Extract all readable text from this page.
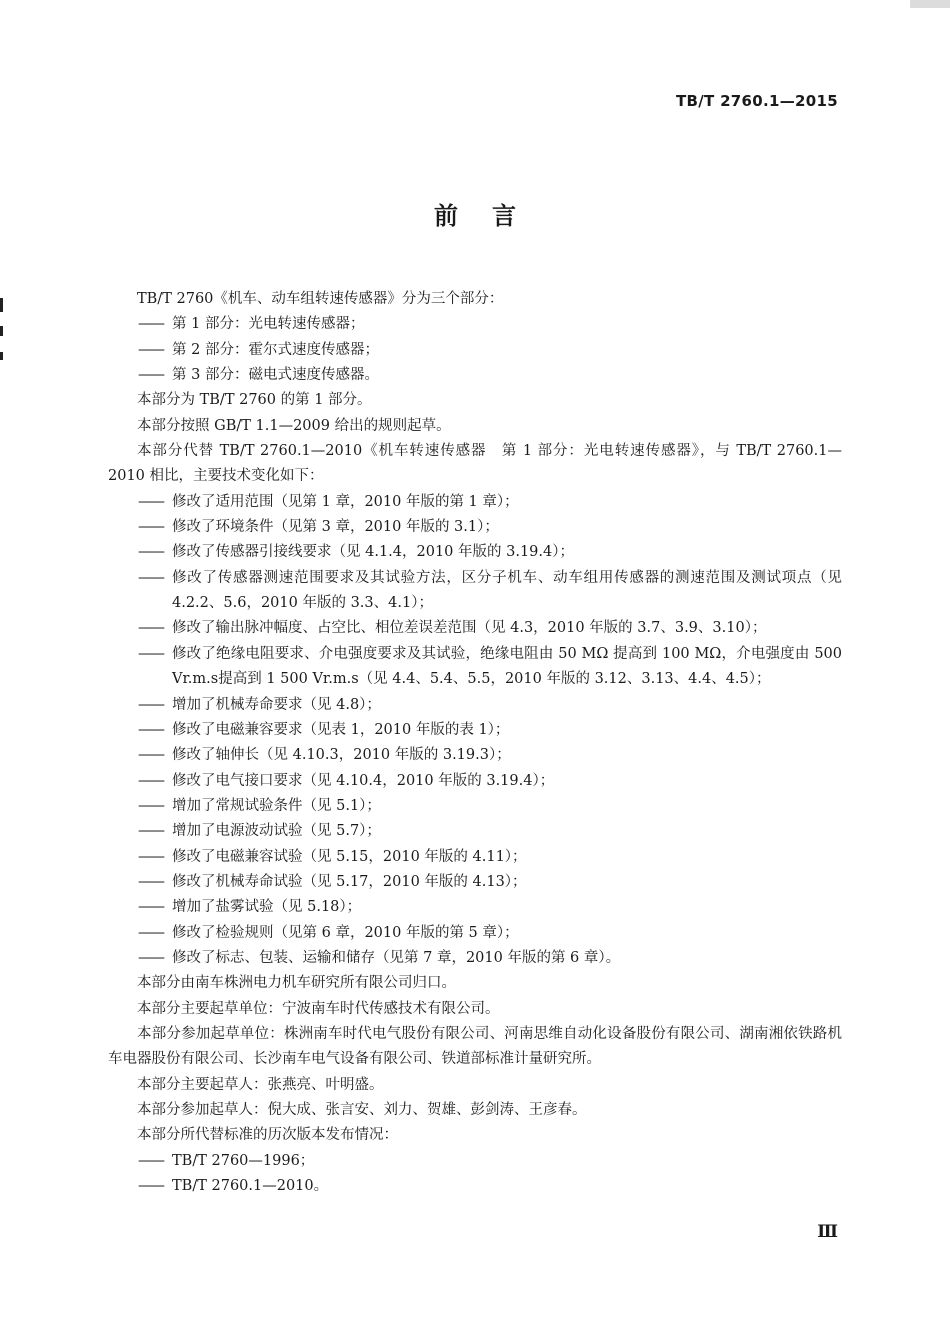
TB/T 2760.1—2015
前言
TB/T 2760《机车、动车组转速传感器》分为三个部分：
—— 第 1 部分：光电转速传感器；
—— 第 2 部分：霍尔式速度传感器；
—— 第 3 部分：磁电式速度传感器。
本部分为 TB/T 2760 的第 1 部分。
本部分按照 GB/T 1.1—2009 给出的规则起草。
本部分代替 TB/T 2760.1—2010《机车转速传感器　第 1 部分：光电转速传感器》，与 TB/T 2760.1—2010 相比，主要技术变化如下：
—— 修改了适用范围（见第 1 章，2010 年版的第 1 章）；
—— 修改了环境条件（见第 3 章，2010 年版的 3.1）；
—— 修改了传感器引接线要求（见 4.1.4，2010 年版的 3.19.4）；
—— 修改了传感器测速范围要求及其试验方法，区分子机车、动车组用传感器的测速范围及测试项点（见 4.2.2、5.6，2010 年版的 3.3、4.1）；
—— 修改了输出脉冲幅度、占空比、相位差误差范围（见 4.3，2010 年版的 3.7、3.9、3.10）；
—— 修改了绝缘电阻要求、介电强度要求及其试验，绝缘电阻由 50 MΩ 提高到 100 MΩ，介电强度由 500 Vr.m.s提高到 1 500 Vr.m.s（见 4.4、5.4、5.5，2010 年版的 3.12、3.13、4.4、4.5）；
—— 增加了机械寿命要求（见 4.8）；
—— 修改了电磁兼容要求（见表 1，2010 年版的表 1）；
—— 修改了轴伸长（见 4.10.3，2010 年版的 3.19.3）；
—— 修改了电气接口要求（见 4.10.4，2010 年版的 3.19.4）；
—— 增加了常规试验条件（见 5.1）；
—— 增加了电源波动试验（见 5.7）；
—— 修改了电磁兼容试验（见 5.15，2010 年版的 4.11）；
—— 修改了机械寿命试验（见 5.17，2010 年版的 4.13）；
—— 增加了盐雾试验（见 5.18）；
—— 修改了检验规则（见第 6 章，2010 年版的第 5 章）；
—— 修改了标志、包装、运输和储存（见第 7 章，2010 年版的第 6 章）。
本部分由南车株洲电力机车研究所有限公司归口。
本部分主要起草单位：宁波南车时代传感技术有限公司。
本部分参加起草单位：株洲南车时代电气股份有限公司、河南思维自动化设备股份有限公司、湖南湘依铁路机车电器股份有限公司、长沙南车电气设备有限公司、铁道部标准计量研究所。
本部分主要起草人：张燕亮、叶明盛。
本部分参加起草人：倪大成、张言安、刘力、贺雄、彭剑涛、王彦春。
本部分所代替标准的历次版本发布情况：
—— TB/T 2760—1996；
—— TB/T 2760.1—2010。
Ⅲ
